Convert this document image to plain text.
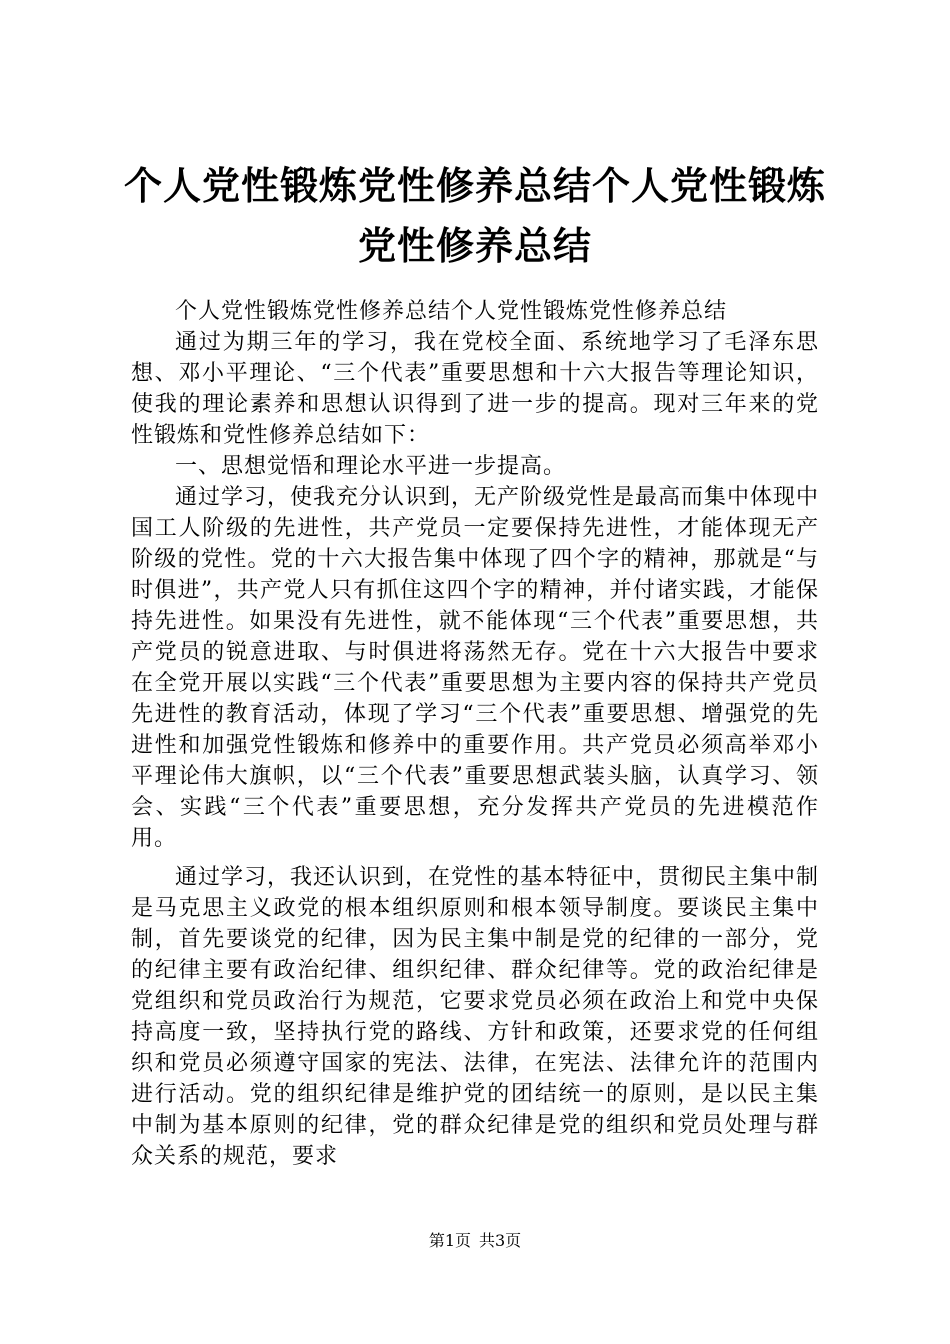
个人党性锻炼党性修养总结个人党性锻炼党性修养总结

个人党性锻炼党性修养总结个人党性锻炼党性修养总结

通过为期三年的学习，我在党校全面、系统地学习了毛泽东思想、邓小平理论、“三个代表”重要思想和十六大报告等理论知识，使我的理论素养和思想认识得到了进一步的提高。现对三年来的党性锻炼和党性修养总结如下：

一、思想觉悟和理论水平进一步提高。

通过学习，使我充分认识到，无产阶级党性是最高而集中体现中国工人阶级的先进性，共产党员一定要保持先进性，才能体现无产阶级的党性。党的十六大报告集中体现了四个字的精神，那就是“与时俱进”，共产党人只有抓住这四个字的精神，并付诸实践，才能保持先进性。如果没有先进性，就不能体现“三个代表”重要思想，共产党员的锐意进取、与时俱进将荡然无存。党在十六大报告中要求在全党开展以实践“三个代表”重要思想为主要内容的保持共产党员先进性的教育活动，体现了学习“三个代表”重要思想、增强党的先进性和加强党性锻炼和修养中的重要作用。共产党员必须高举邓小平理论伟大旗帜，以“三个代表”重要思想武装头脑，认真学习、领会、实践“三个代表”重要思想，充分发挥共产党员的先进模范作用。

通过学习，我还认识到，在党性的基本特征中，贯彻民主集中制是马克思主义政党的根本组织原则和根本领导制度。要谈民主集中制，首先要谈党的纪律，因为民主集中制是党的纪律的一部分，党的纪律主要有政治纪律、组织纪律、群众纪律等。党的政治纪律是党组织和党员政治行为规范，它要求党员必须在政治上和党中央保持高度一致，坚持执行党的路线、方针和政策，还要求党的任何组织和党员必须遵守国家的宪法、法律，在宪法、法律允许的范围内进行活动。党的组织纪律是维护党的团结统一的原则，是以民主集中制为基本原则的纪律，党的群众纪律是党的组织和党员处理与群众关系的规范，要求

第1页 共3页
